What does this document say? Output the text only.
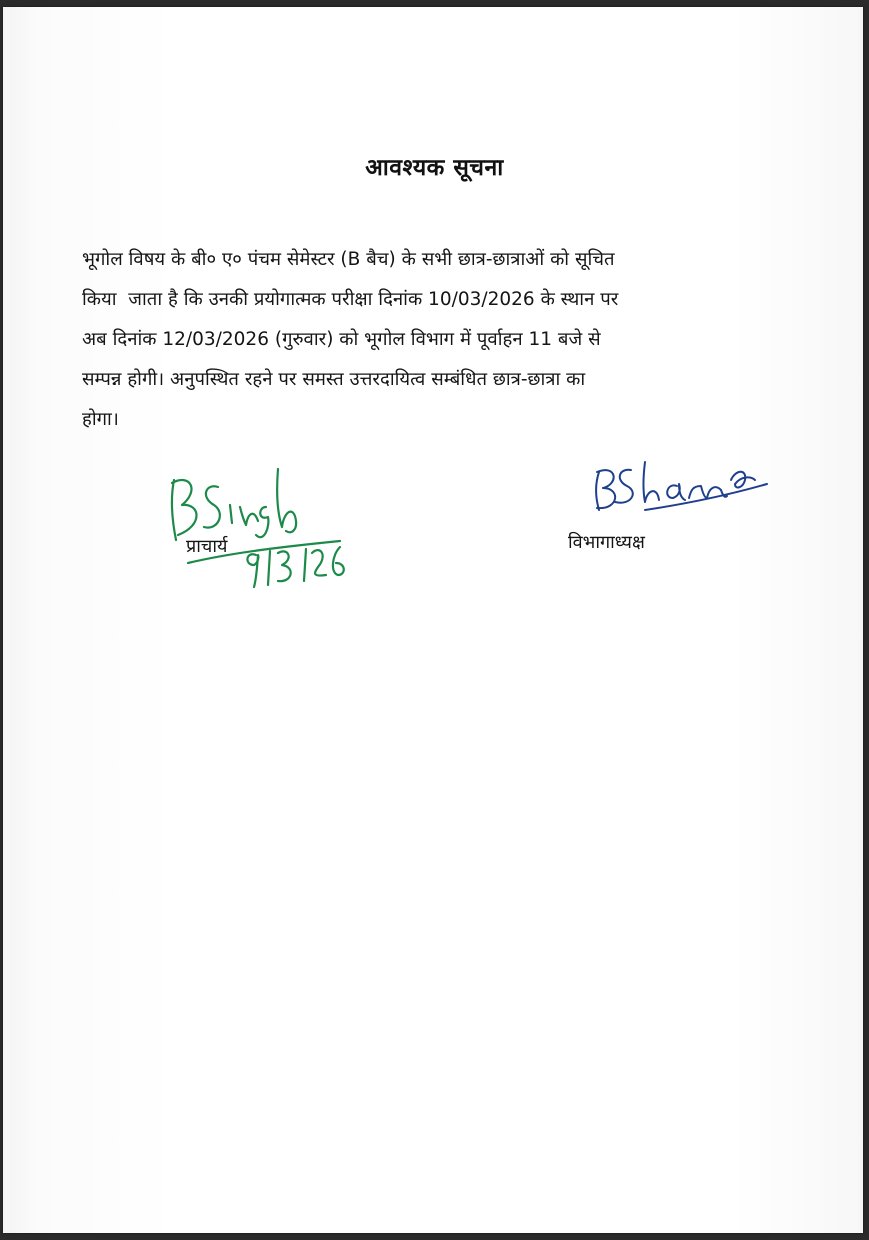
आवश्यक सूचना
भूगोल विषय के बी० ए० पंचम सेमेस्टर (B बैच) के सभी छात्र-छात्राओं को सूचित
किया  जाता है कि उनकी प्रयोगात्मक परीक्षा दिनांक 10/03/2026 के स्थान पर
अब दिनांक 12/03/2026 (गुरुवार) को भूगोल विभाग में पूर्वाहन 11 बजे से
सम्पन्न होगी। अनुपस्थित रहने पर समस्त उत्तरदायित्व सम्बंधित छात्र-छात्रा का
होगा।
प्राचार्य	विभागाध्यक्ष
